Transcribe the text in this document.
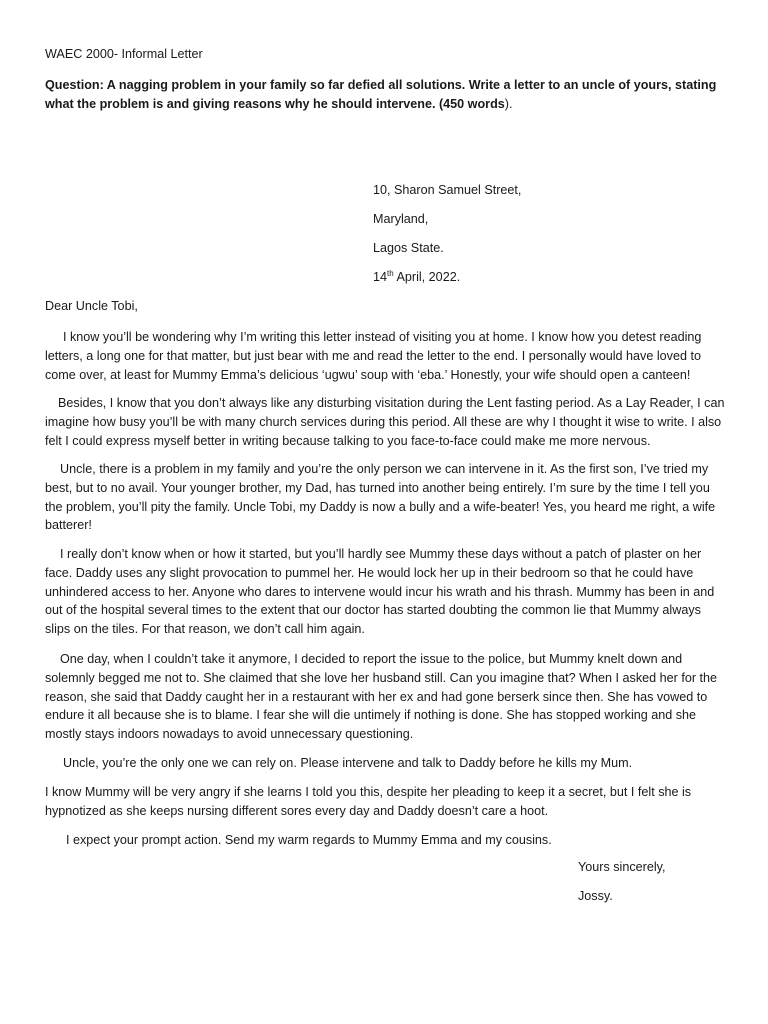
WAEC 2000- Informal Letter
Question: A nagging problem in your family so far defied all solutions. Write a letter to an uncle of yours, stating what the problem is and giving reasons why he should intervene. (450 words).
10, Sharon Samuel Street,
Maryland,
Lagos State.
14th April, 2022.
Dear Uncle Tobi,
I know you’ll be wondering why I’m writing this letter instead of visiting you at home. I know how you detest reading letters, a long one for that matter, but just bear with me and read the letter to the end. I personally would have loved to come over, at least for Mummy Emma’s delicious ‘ugwu’ soup with ‘eba.’ Honestly, your wife should open a canteen!
Besides, I know that you don’t always like any disturbing visitation during the Lent fasting period. As a Lay Reader, I can imagine how busy you’ll be with many church services during this period. All these are why I thought it wise to write. I also felt I could express myself better in writing because talking to you face-to-face could make me more nervous.
Uncle, there is a problem in my family and you’re the only person we can intervene in it. As the first son, I’ve tried my best, but to no avail. Your younger brother, my Dad, has turned into another being entirely. I’m sure by the time I tell you the problem, you’ll pity the family. Uncle Tobi, my Daddy is now a bully and a wife-beater! Yes, you heard me right, a wife batterer!
I really don’t know when or how it started, but you’ll hardly see Mummy these days without a patch of plaster on her face. Daddy uses any slight provocation to pummel her. He would lock her up in their bedroom so that he could have unhindered access to her. Anyone who dares to intervene would incur his wrath and his thrash. Mummy has been in and out of the hospital several times to the extent that our doctor has started doubting the common lie that Mummy always slips on the tiles. For that reason, we don’t call him again.
One day, when I couldn’t take it anymore, I decided to report the issue to the police, but Mummy knelt down and solemnly begged me not to. She claimed that she love her husband still. Can you imagine that? When I asked her for the reason, she said that Daddy caught her in a restaurant with her ex and had gone berserk since then. She has vowed to endure it all because she is to blame. I fear she will die untimely if nothing is done. She has stopped working and she mostly stays indoors nowadays to avoid unnecessary questioning.
Uncle, you’re the only one we can rely on. Please intervene and talk to Daddy before he kills my Mum.
I know Mummy will be very angry if she learns I told you this, despite her pleading to keep it a secret, but I felt she is hypnotized as she keeps nursing different sores every day and Daddy doesn’t care a hoot.
I expect your prompt action. Send my warm regards to Mummy Emma and my cousins.
Yours sincerely,
Jossy.
